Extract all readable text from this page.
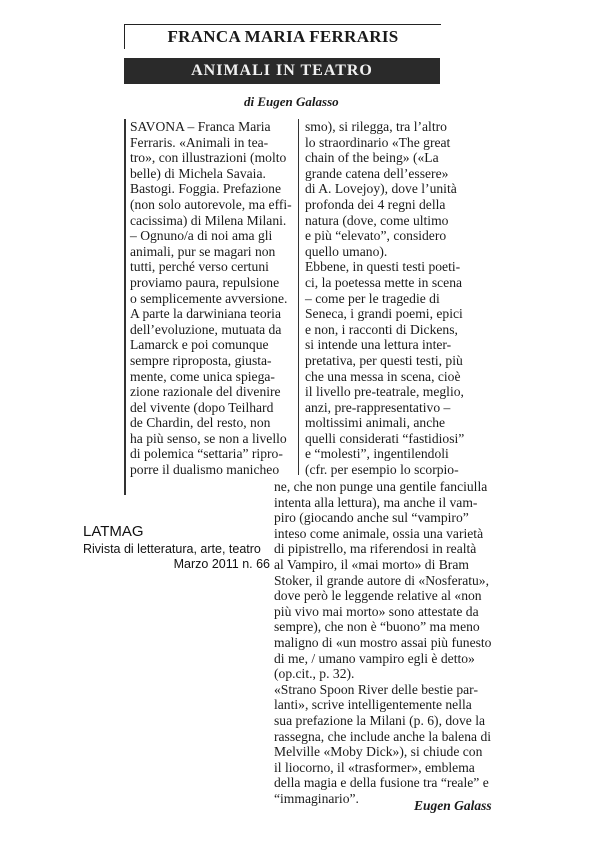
FRANCA MARIA FERRARIS
ANIMALI IN TEATRO
di Eugen Galasso
SAVONA – Franca Maria
Ferraris. «Animali in tea-
tro», con illustrazioni (molto
belle) di Michela Savaia.
Bastogi. Foggia. Prefazione
(non solo autorevole, ma effi-
cacissima) di Milena Milani.
– Ognuno/a di noi ama gli
animali, pur se magari non
tutti, perché verso certuni
proviamo paura, repulsione
o semplicemente avversione.
A parte la darwiniana teoria
dell’evoluzione, mutuata da
Lamarck e poi comunque
sempre riproposta, giusta-
mente, come unica spiega-
zione razionale del divenire
del vivente (dopo Teilhard
de Chardin, del resto, non
ha più senso, se non a livello
di polemica “settaria” ripro-
porre il dualismo manicheo
smo), si rilegga, tra l’altro
lo straordinario «The great
chain of the being» («La
grande catena dell’essere»
di A. Lovejoy), dove l’unità
profonda dei 4 regni della
natura (dove, come ultimo
e più “elevato”, considero
quello umano).
Ebbene, in questi testi poeti-
ci, la poetessa mette in scena
– come per le tragedie di
Seneca, i grandi poemi, epici
e non, i racconti di Dickens,
si intende una lettura inter-
pretativa, per questi testi, più
che una messa in scena, cioè
il livello pre-teatrale, meglio,
anzi, pre-rappresentativo –
moltissimi animali, anche
quelli considerati “fastidiosi”
e “molesti”, ingentilendoli
(cfr. per esempio lo scorpio-
ne, che non punge una gentile fanciulla
intenta alla lettura), ma anche il vam-
piro (giocando anche sul “vampiro”
inteso come animale, ossia una varietà
di pipistrello, ma riferendosi in realtà
al Vampiro, il «mai morto» di Bram
Stoker, il grande autore di «Nosferatu»,
dove però le leggende relative al «non
più vivo mai morto» sono attestate da
sempre), che non è “buono” ma meno
maligno di «un mostro assai più funesto
di me, / umano vampiro egli è detto»
(op.cit., p. 32).
«Strano Spoon River delle bestie par-
lanti», scrive intelligentemente nella
sua prefazione la Milani (p. 6), dove la
rassegna, che include anche la balena di
Melville «Moby Dick»), si chiude con
il liocorno, il «trasformer», emblema
della magia e della fusione tra “reale” e
“immaginario”.
LATMAG
Rivista di letteratura, arte, teatro
Marzo 2011 n. 66
Eugen Galass
